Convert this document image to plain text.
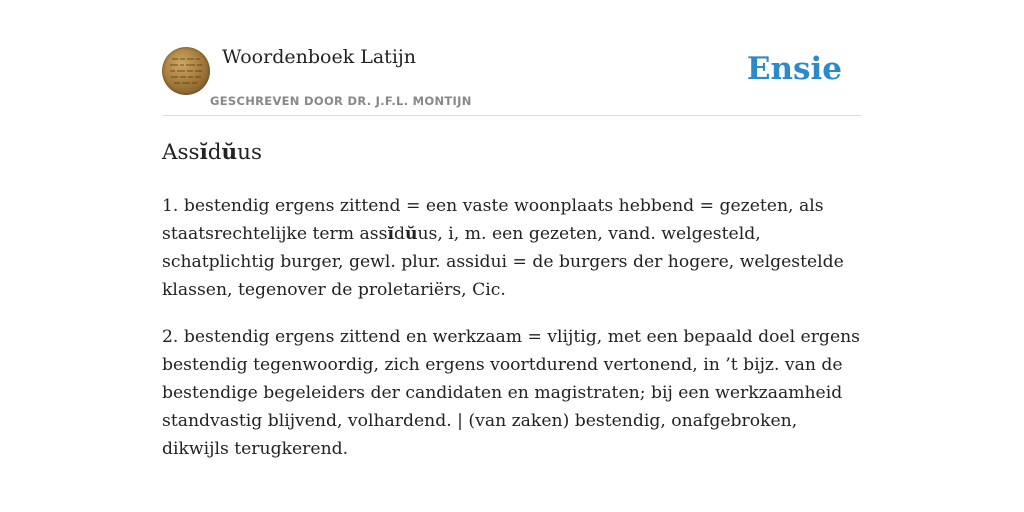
Woordenboek Latijn
GESCHREVEN DOOR DR. J.F.L. MONTIJN
Ensie
Assĭdŭus

1. bestendig ergens zittend = een vaste woonplaats hebbend = gezeten, als staatsrechtelijke term assĭdŭus, i, m. een gezeten, vand. welgesteld, schatplichtig burger, gewl. plur. assidui = de burgers der hogere, welgestelde klassen, tegenover de proletariërs, Cic.

2. bestendig ergens zittend en werkzaam = vlijtig, met een bepaald doel ergens bestendig tegenwoordig, zich ergens voortdurend vertonend, in ’t bijz. van de bestendige begeleiders der candidaten en magistraten; bij een werkzaamheid standvastig blijvend, volhardend. | (van zaken) bestendig, onafgebroken, dikwijls terugkerend.
